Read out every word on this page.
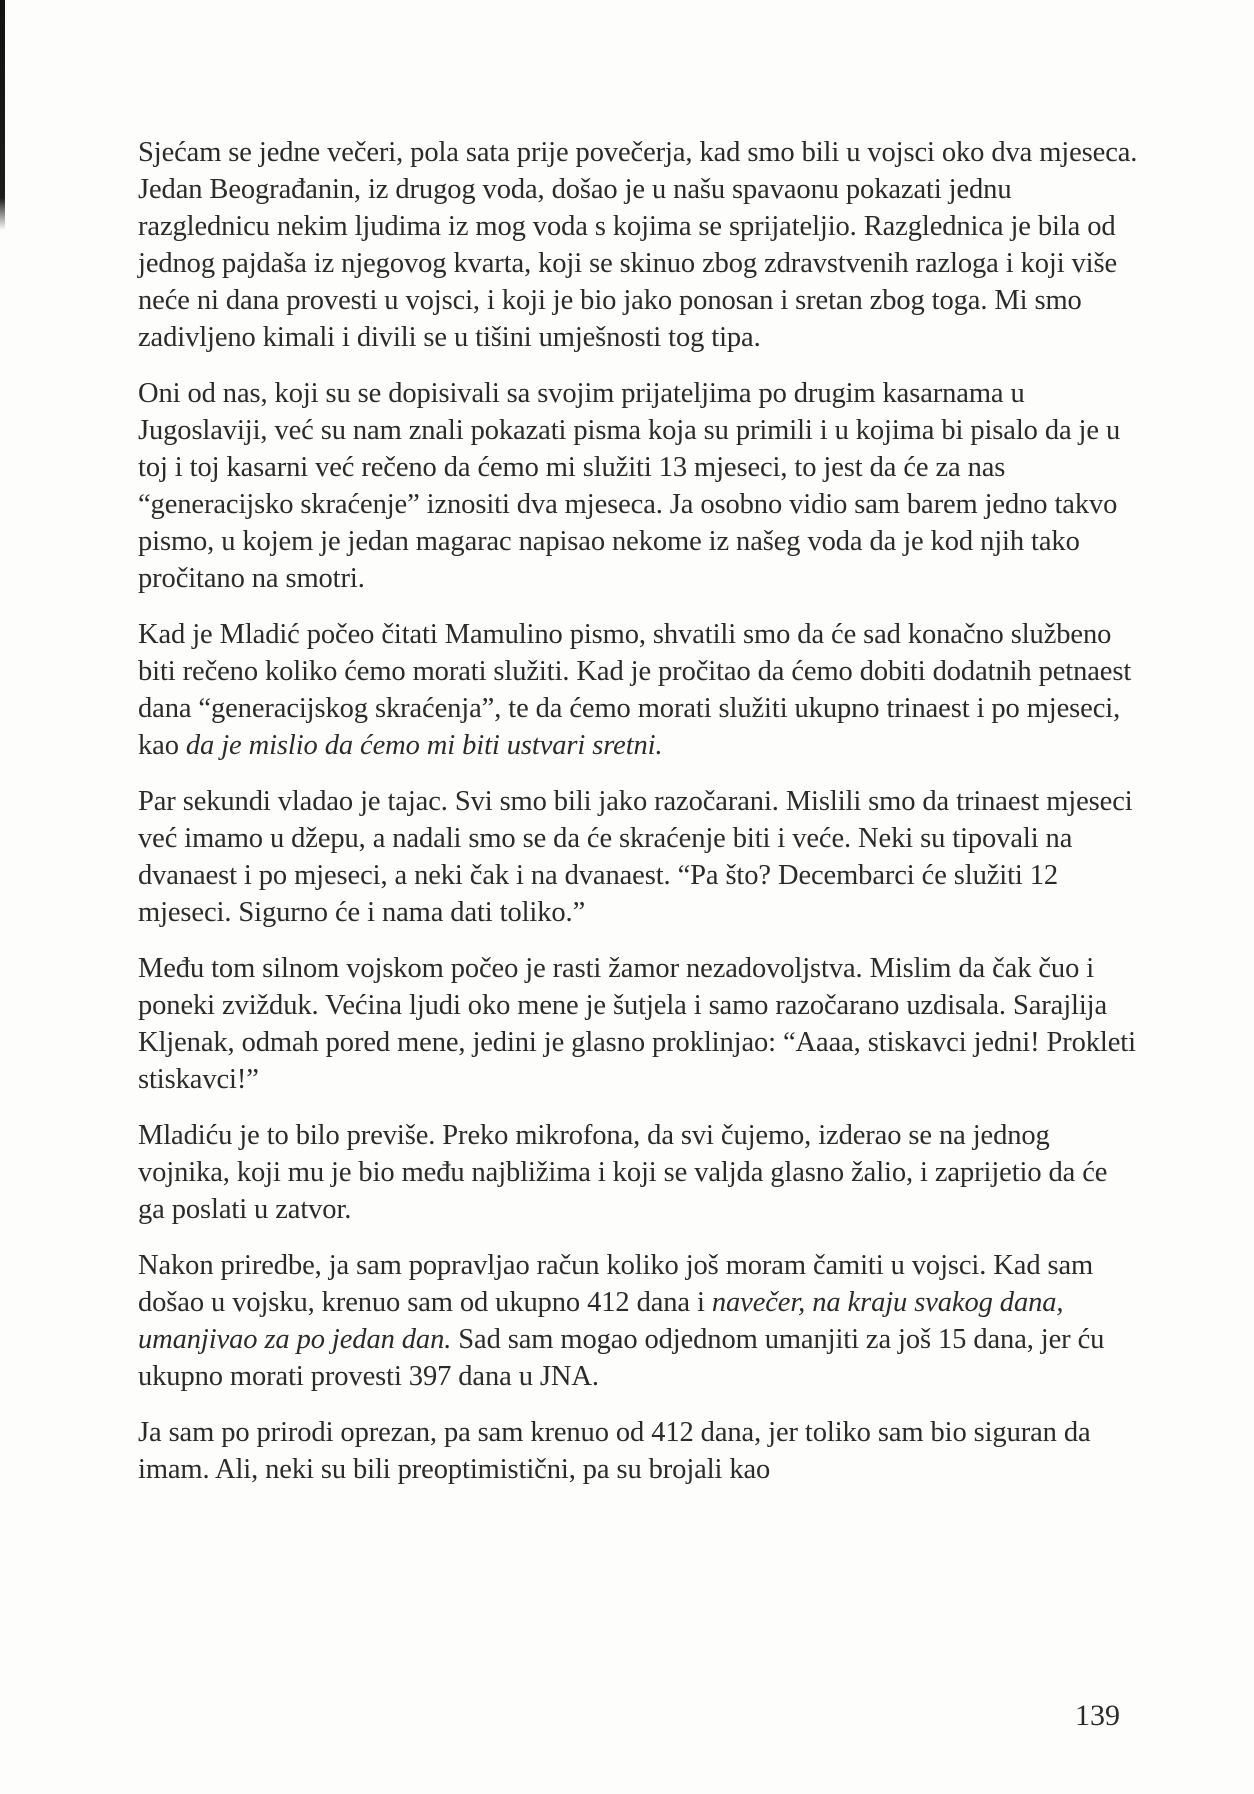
Sjećam se jedne večeri, pola sata prije povečerja, kad smo bili u vojsci oko dva mjeseca. Jedan Beograđanin, iz drugog voda, došao je u našu spavaonu pokazati jednu razglednicu nekim ljudima iz mog voda s kojima se sprijateljio. Razglednica je bila od jednog pajdaša iz njegovog kvarta, koji se skinuo zbog zdravstvenih razloga i koji više neće ni dana provesti u vojsci, i koji je bio jako ponosan i sretan zbog toga. Mi smo zadivljeno kimali i divili se u tišini umješnosti tog tipa.

Oni od nas, koji su se dopisivali sa svojim prijateljima po drugim kasarnama u Jugoslaviji, već su nam znali pokazati pisma koja su primili i u kojima bi pisalo da je u toj i toj kasarni već rečeno da ćemo mi služiti 13 mjeseci, to jest da će za nas “generacijsko skraćenje” iznositi dva mjeseca. Ja osobno vidio sam barem jedno takvo pismo, u kojem je jedan magarac napisao nekome iz našeg voda da je kod njih tako pročitano na smotri.

Kad je Mladić počeo čitati Mamulino pismo, shvatili smo da će sad konačno službeno biti rečeno koliko ćemo morati služiti. Kad je pročitao da ćemo dobiti dodatnih petnaest dana “generacijskog skraćenja”, te da ćemo morati služiti ukupno trinaest i po mjeseci, kao da je mislio da ćemo mi biti ustvari sretni.

Par sekundi vladao je tajac. Svi smo bili jako razočarani. Mislili smo da trinaest mjeseci već imamo u džepu, a nadali smo se da će skraćenje biti i veće. Neki su tipovali na dvanaest i po mjeseci, a neki čak i na dvanaest. “Pa što? Decembarci će služiti 12 mjeseci. Sigurno će i nama dati toliko.”

Među tom silnom vojskom počeo je rasti žamor nezadovoljstva. Mislim da čak čuo i poneki zvižduk. Većina ljudi oko mene je šutjela i samo razočarano uzdisala. Sarajlija Kljenak, odmah pored mene, jedini je glasno proklinjao: “Aaaa, stiskavci jedni! Prokleti stiskavci!”

Mladiću je to bilo previše. Preko mikrofona, da svi čujemo, izderao se na jednog vojnika, koji mu je bio među najbližima i koji se valjda glasno žalio, i zaprijetio da će ga poslati u zatvor.

Nakon priredbe, ja sam popravljao račun koliko još moram čamiti u vojsci. Kad sam došao u vojsku, krenuo sam od ukupno 412 dana i navečer, na kraju svakog dana, umanjivao za po jedan dan. Sad sam mogao odjednom umanjiti za još 15 dana, jer ću ukupno morati provesti 397 dana u JNA.

Ja sam po prirodi oprezan, pa sam krenuo od 412 dana, jer toliko sam bio siguran da imam. Ali, neki su bili preoptimistični, pa su brojali kao

139
